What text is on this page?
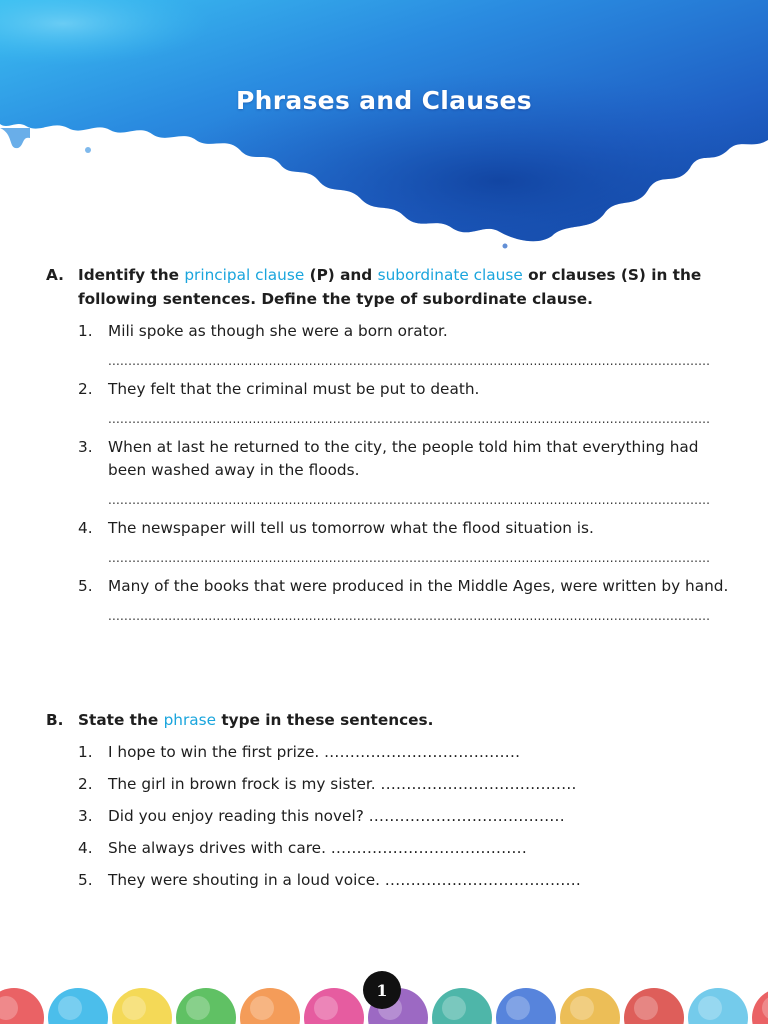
Phrases and Clauses
A. Identify the principal clause (P) and subordinate clause or clauses (S) in the following sentences. Define the type of subordinate clause.
1.	Mili spoke as though she were a born orator.
......................................................................................................................................................
2.	They felt that the criminal must be put to death.
......................................................................................................................................................
3.	When at last he returned to the city, the people told him that everything had been washed away in the floods.
......................................................................................................................................................
4.	The newspaper will tell us tomorrow what the flood situation is.
......................................................................................................................................................
5.	Many of the books that were produced in the Middle Ages, were written by hand.
......................................................................................................................................................
B. State the phrase type in these sentences.
1.	I hope to win the first prize. ......................................
2.	The girl in brown frock is my sister. ......................................
3.	Did you enjoy reading this novel? ......................................
4.	She always drives with care. ......................................
5.	They were shouting in a loud voice. ......................................
1
